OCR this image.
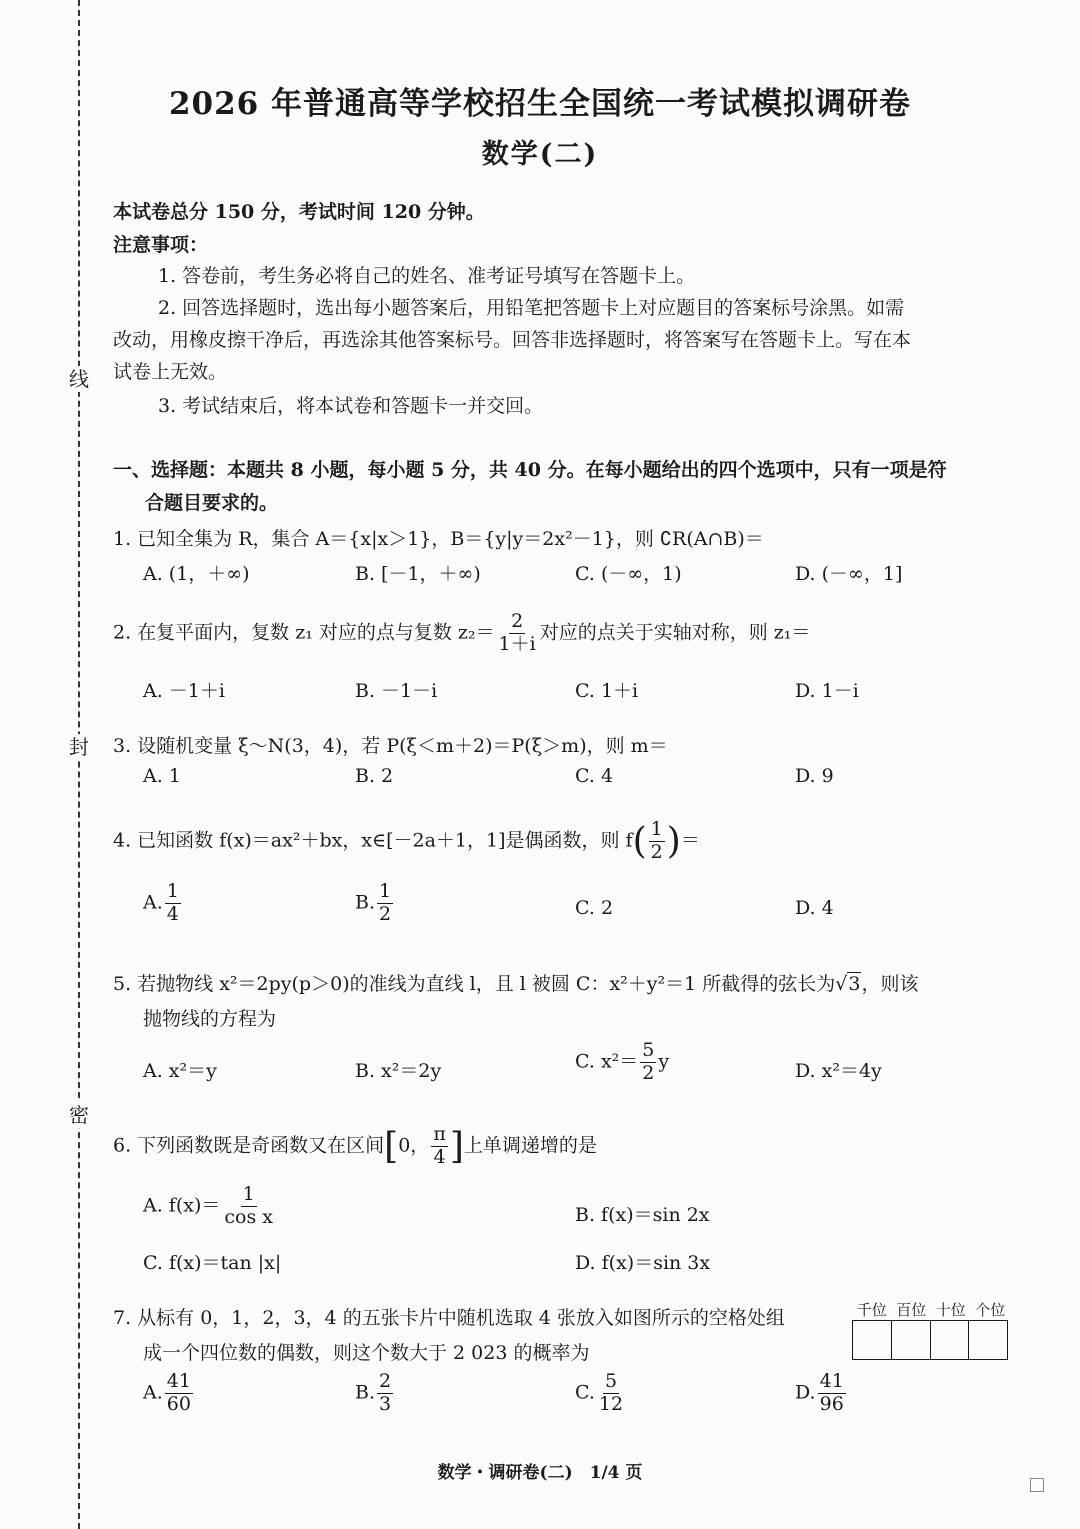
线
封
密
2026 年普通高等学校招生全国统一考试模拟调研卷
数学(二)
本试卷总分 150 分，考试时间 120 分钟。
注意事项：
1. 答卷前，考生务必将自己的姓名、准考证号填写在答题卡上。
2. 回答选择题时，选出每小题答案后，用铅笔把答题卡上对应题目的答案标号涂黑。如需
改动，用橡皮擦干净后，再选涂其他答案标号。回答非选择题时，将答案写在答题卡上。写在本
试卷上无效。
3. 考试结束后，将本试卷和答题卡一并交回。
一、选择题：本题共 8 小题，每小题 5 分，共 40 分。在每小题给出的四个选项中，只有一项是符
合题目要求的。
1. 已知全集为 R，集合 A＝{x|x＞1}，B＝{y|y＝2x²－1}，则 ∁R(A∩B)＝
A. (1，＋∞)	B. [－1，＋∞)	C. (－∞，1)	D. (－∞，1]
2. 在复平面内，复数 z₁ 对应的点与复数 $z_2= \frac{2}{1+i}$ 对应的点关于实轴对称，则 z₁＝
A. －1＋i	B. －1－i	C. 1＋i	D. 1－i
3. 设随机变量 ξ～N(3，4)，若 P(ξ＜m＋2)＝P(ξ＞m)，则 m＝
A. 1	B. 2	C. 4	D. 9
4. 已知函数 f(x)＝ax²＋bx，x∈[－2a＋1，1]是偶函数，则 $f( \frac{1}{2}$ )＝
A. $\frac{1}{4}$	B. $\frac{1}{2}$	C. 2	D. 4
5. 若抛物线 x²＝2py(p＞0)的准线为直线 l，且 l 被圆 C：x²＋y²＝1 所截得的弦长为√3，则该
抛物线的方程为
A. x²＝y	B. x²＝2y	C. $x^2= \frac{5}{2}$ y	D. x²＝4y
6. 下列函数既是奇函数又在区间[0， $\frac{\pi}{4}$ ]上单调递增的是
A. $f(x)= \frac{1}{\text{cos x}}$	B. f(x)＝sin 2x
C. f(x)＝tan |x|	D. f(x)＝sin 3x
7. 从标有 0，1，2，3，4 的五张卡片中随机选取 4 张放入如图所示的空格处组
成一个四位数的偶数，则这个数大于 2 023 的概率为
千位 百位 十位 个位
A. $\frac{41}{60}$	B. $\frac{2}{3}$	C. $\frac{5}{12}$	D. $\frac{41}{96}$
数学・调研卷(二)　1/4 页
